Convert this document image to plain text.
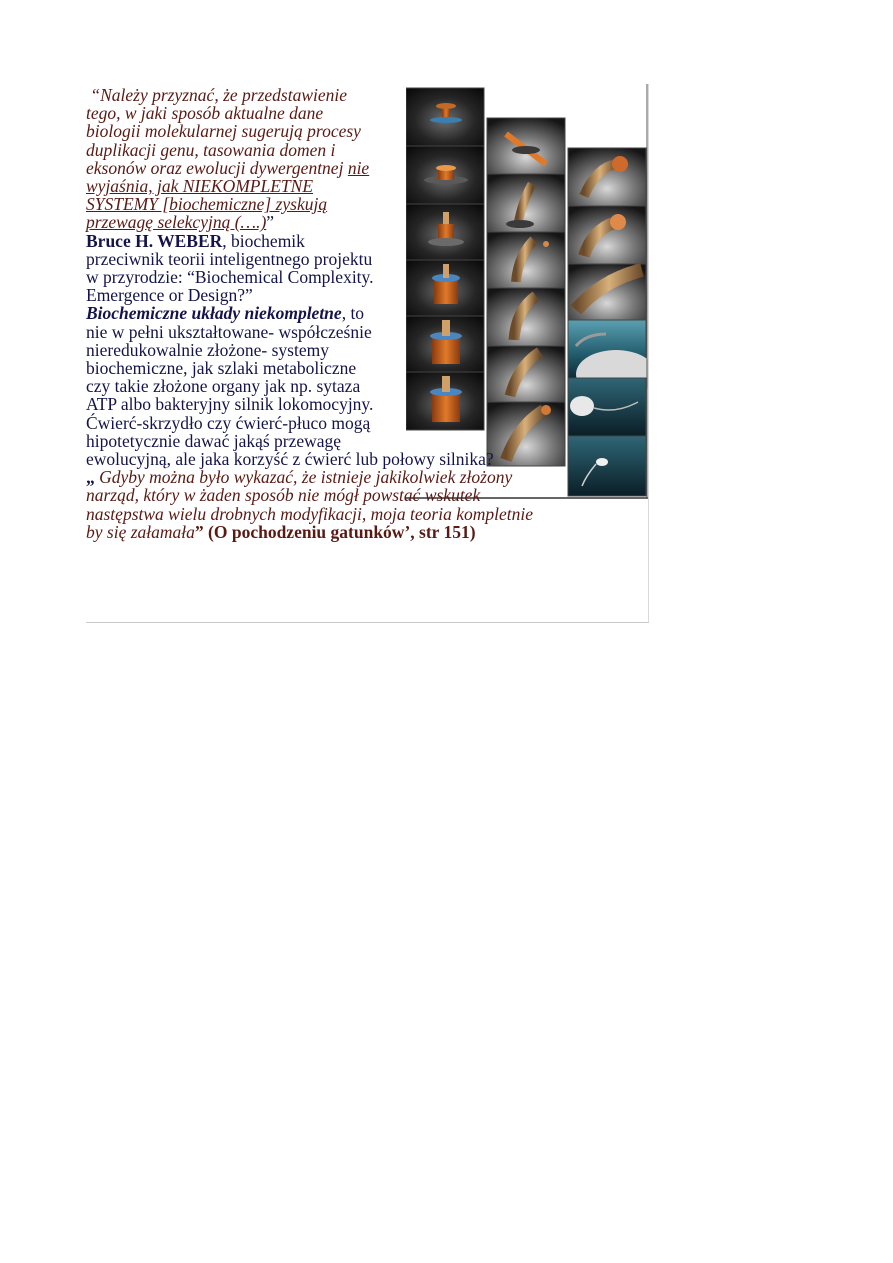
“Należy przyznać, że przedstawienie
tego, w jaki sposób aktualne dane
biologii molekularnej sugerują procesy
duplikacji genu, tasowania domen i
eksonów oraz ewolucji dywergentnej nie
wyjaśnia, jak NIEKOMPLETNE
SYSTEMY [biochemiczne] zyskują
przewagę selekcyjną (….)”
Bruce H. WEBER, biochemik
przeciwnik teorii inteligentnego projektu
w przyrodzie: “Biochemical Complexity.
Emergence or Design?”
Biochemiczne układy niekompletne, to
nie w pełni ukształtowane- współcześnie
nieredukowalnie złożone- systemy
biochemiczne, jak szlaki metaboliczne
czy takie złożone organy jak np. sytaza
ATP albo bakteryjny silnik lokomocyjny.
Ćwierć-skrzydło czy ćwierć-płuco mogą
hipotetycznie dawać jakąś przewagę
ewolucyjną, ale jaka korzyść z ćwierć lub połowy silnika?
„ Gdyby można było wykazać, że istnieje jakikolwiek złożony
narząd, który w żaden sposób nie mógł powstać wskutek
następstwa wielu drobnych modyfikacji, moja teoria kompletnie
by się załamała” (O pochodzeniu gatunków’, str 151)
